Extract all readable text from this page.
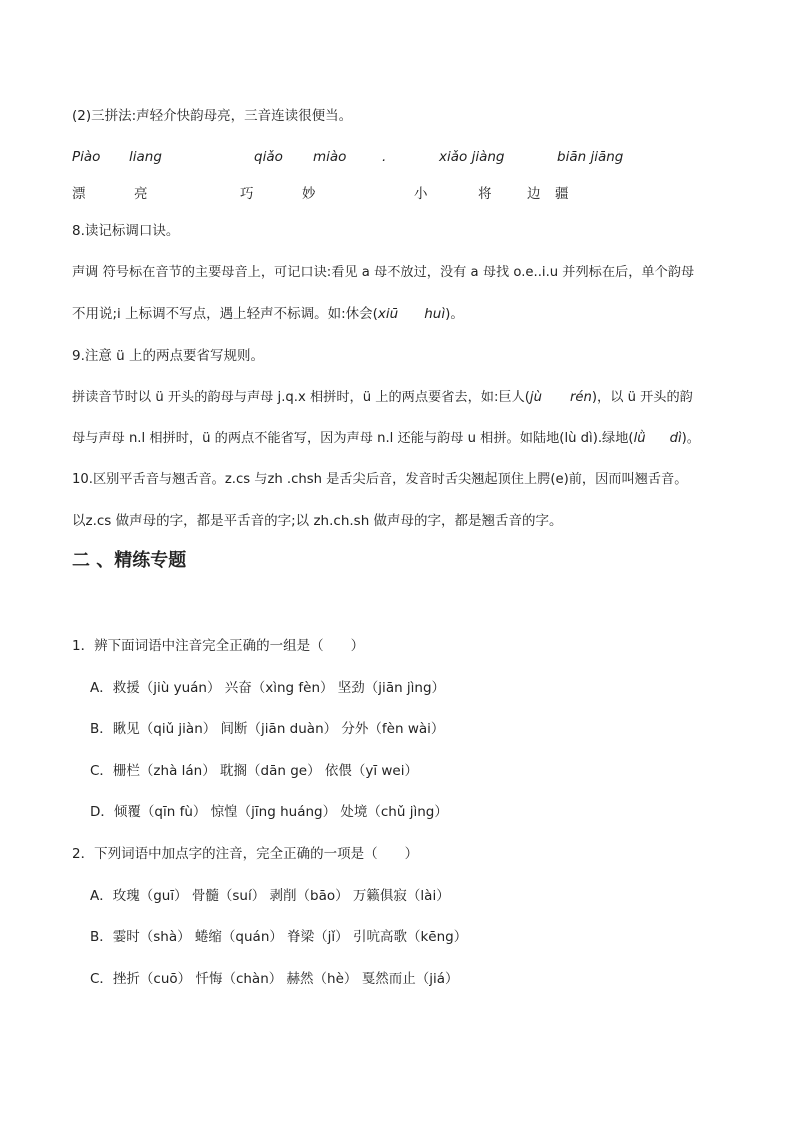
(2)三拼法:声轻介快韵母亮，三音连读很便当。
Piào liang	qiǎo miào	.	xiǎo jiàng	biān jiāng
漂	亮	巧	妙	小	将	边 疆
8.读记标调口诀。
声调 符号标在音节的主要母音上，可记口诀:看见 a 母不放过，没有 a 母找 o.e..i.u 并列标在后，单个韵母
不用说;i 上标调不写点，遇上轻声不标调。如:休会(xiū huì)。
9.注意 ü 上的两点要省写规则。
拼读音节时以 ü 开头的韵母与声母 j.q.x 相拼时，ü 上的两点要省去，如:巨人(jù rén)，以 ü 开头的韵
母与声母 n.l 相拼时，ü 的两点不能省写，因为声母 n.l 还能与韵母 u 相拼。如陆地(lù dì).绿地(lǜ dì)。
10.区别平舌音与翘舌音。z.cs 与zh .chsh 是舌尖后音，发音时舌尖翘起顶住上腭(e)前，因而叫翘舌音。
以z.cs 做声母的字，都是平舌音的字;以 zh.ch.sh 做声母的字，都是翘舌音的字。
二 、精练专题
1．辨下面词语中注音完全正确的一组是（　　）
A．救援（jiù yuán） 兴奋（xìng fèn） 坚劲（jiān jìng）
B．瞅见（qiǔ jiàn） 间断（jiān duàn） 分外（fèn wài）
C．栅栏（zhà lán） 耽搁（dān ge） 依偎（yī wei）
D．倾覆（qīn fù） 惊惶（jīng huáng） 处境（chǔ jìng）
2．下列词语中加点字的注音，完全正确的一项是（　　）
A．玫瑰（guī） 骨髓（suí） 剥削（bāo） 万籁俱寂（lài）
B．霎时（shà） 蜷缩（quán） 脊梁（jǐ） 引吭高歌（kēng）
C．挫折（cuō） 忏悔（chàn） 赫然（hè） 戛然而止（jiá）
